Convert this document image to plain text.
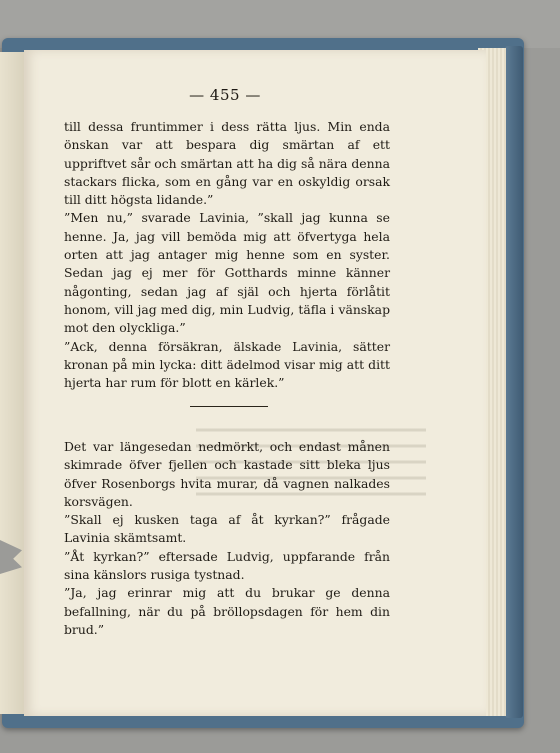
— 455 —

till dessa fruntimmer i dess rätta ljus. Min enda önskan var att bespara dig smärtan af ett uppriftvet sår och smärtan att ha dig så nära denna stackars flicka, som en gång var en oskyldig orsak till ditt högsta lidande.”

”Men nu,” svarade Lavinia, ”skall jag kunna se henne. Ja, jag vill bemöda mig att öfvertyga hela orten att jag antager mig henne som en syster. Sedan jag ej mer för Gotthards minne känner någonting, sedan jag af själ och hjerta förlåtit honom, vill jag med dig, min Ludvig, täfla i vänskap mot den olyckliga.”

”Ack, denna försäkran, älskade Lavinia, sätter kronan på min lycka: ditt ädelmod visar mig att ditt hjerta har rum för blott en kärlek.”

Det var längesedan nedmörkt, och endast månen skimrade öfver fjellen och kastade sitt bleka ljus öfver Rosenborgs hvita murar, då vagnen nalkades korsvägen.

”Skall ej kusken taga af åt kyrkan?” frågade Lavinia skämtsamt.

”Åt kyrkan?” eftersade Ludvig, uppfarande från sina känslors rusiga tystnad.

”Ja, jag erinrar mig att du brukar ge denna befallning, när du på bröllopsdagen för hem din brud.”
